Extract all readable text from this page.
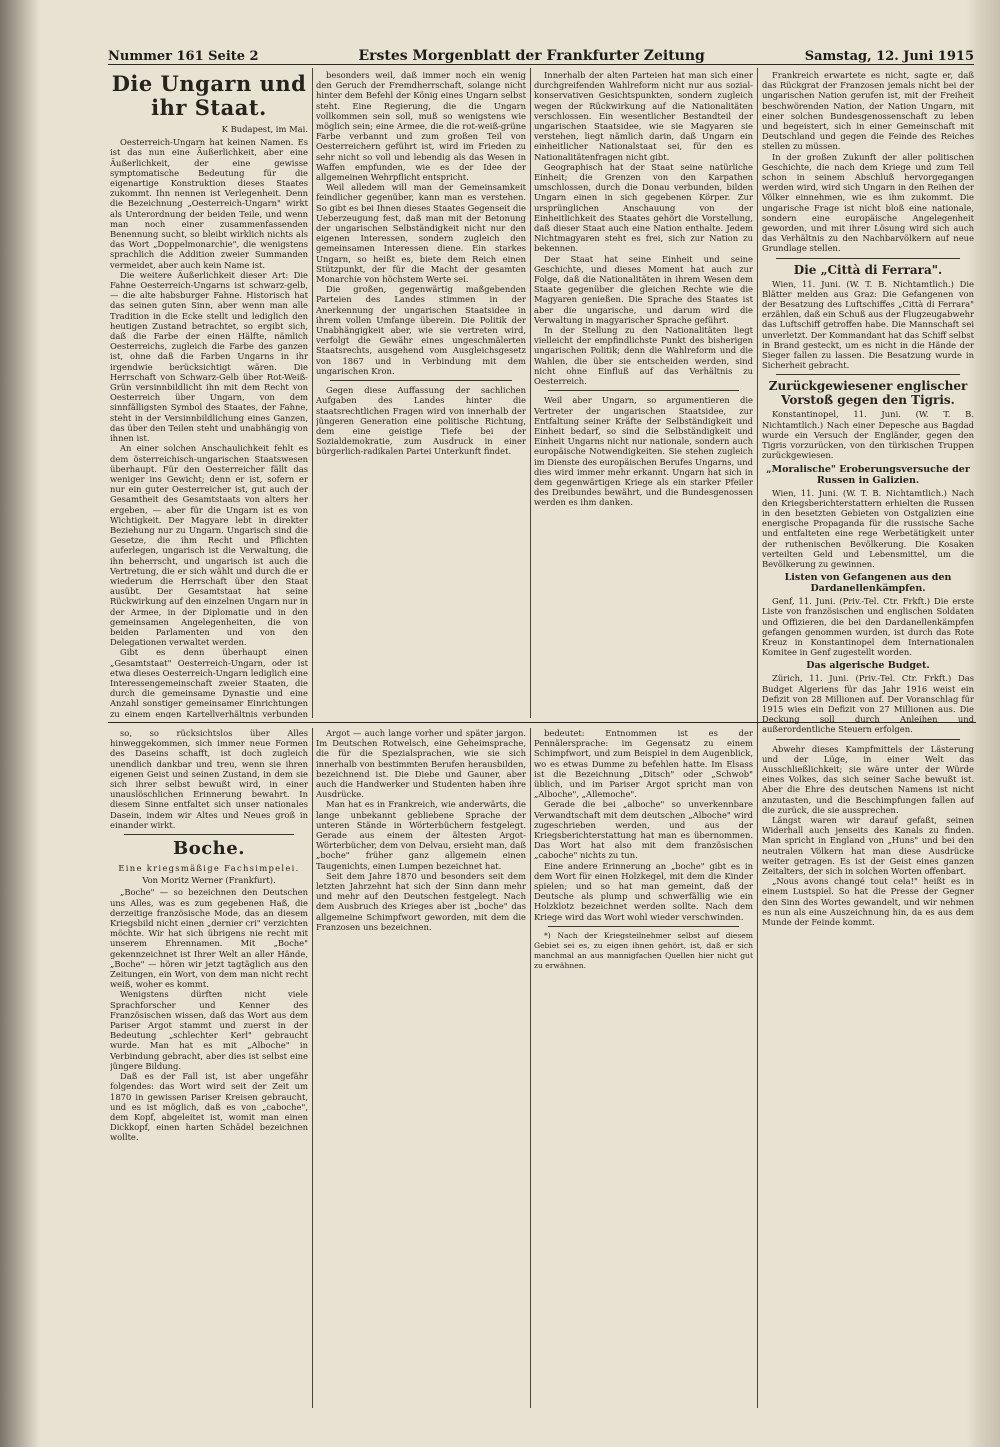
Nummer 161 Seite 2	Erstes Morgenblatt der Frankfurter Zeitung	Samstag, 12. Juni 1915
Die Ungarn und ihr Staat.
K Budapest, im Mai.

Oesterreich-Ungarn hat keinen Namen. Es ist das nun eine Äußerlichkeit, aber eine Äußerlichkeit, der eine gewisse symptomatische Bedeutung für die eigenartige Konstruktion dieses Staates zukommt. Ihn nennen ist Verlegenheit. Denn die Bezeichnung „Oesterreich-Ungarn" wirkt als Unterordnung der beiden Teile, und wenn man noch einer zusammenfassenden Benennung sucht, so bleibt wirklich nichts als das Wort „Doppelmonarchie", die wenigstens sprachlich die Addition zweier Summanden vermeidet, aber auch kein Name ist.

Die weitere Äußerlichkeit dieser Art: Die Fahne Oesterreich-Ungarns ist schwarz-gelb, — die alte habsburger Fahne. Historisch hat das seinen guten Sinn, aber wenn man alle Tradition in die Ecke stellt und lediglich den heutigen Zustand betrachtet, so ergibt sich, daß die Farbe der einen Hälfte, nämlich Oesterreichs, zugleich die Farbe des ganzen ist, ohne daß die Farben Ungarns in ihr irgendwie berücksichtigt wären. Die Herrschaft von Schwarz-Gelb über Rot-Weiß-Grün versinnbildlicht ihn mit dem Recht von Oesterreich über Ungarn, von dem sinnfälligsten Symbol des Staates, der Fahne, steht in der Versinnbildlichung eines Ganzen, das über den Teilen steht und unabhängig von ihnen ist.

An einer solchen Anschaulichkeit fehlt es dem österreichisch-ungarischen Staatswesen überhaupt. Für den Oesterreicher fällt das weniger ins Gewicht; denn er ist, sofern er nur ein guter Oesterreicher ist, gut auch der Gesamtheit des Gesamtstaats von alters her ergeben, — aber für die Ungarn ist es von Wichtigkeit. Der Magyare lebt in direkter Beziehung nur zu Ungarn. Ungarisch sind die Gesetze, die ihm Recht und Pflichten auferlegen, ungarisch ist die Verwaltung, die ihn beherrscht, und ungarisch ist auch die Vertretung, die er sich wählt und durch die er wiederum die Herrschaft über den Staat ausübt. Der Gesamtstaat hat seine Rückwirkung auf den einzelnen Ungarn nur in der Armee, in der Diplomatie und in den gemeinsamen Angelegenheiten, die von beiden Parlamenten und von den Delegationen verwaltet werden.

Gibt es denn überhaupt einen „Gesamtstaat" Oesterreich-Ungarn, oder ist etwa dieses Oesterreich-Ungarn lediglich eine Interessengemeinschaft zweier Staaten, die durch die gemeinsame Dynastie und eine Anzahl sonstiger gemeinsamer Einrichtungen zu einem engen Kartellverhältnis verbunden

besonders weil, daß immer noch ein wenig den Geruch der Fremdherrschaft, solange nicht hinter dem Befehl der König eines Ungarn selbst steht. Eine Regierung, die die Ungarn vollkommen sein soll, muß so wenigstens wie möglich sein; eine Armee, die die rot-weiß-grüne Farbe verbannt und zum großen Teil von Oesterreichern geführt ist, wird im Frieden zu sehr nicht so voll und lebendig als das Wesen in Waffen empfunden, wie es der Idee der allgemeinen Wehrpflicht entspricht.

Weil alledem will man der Gemeinsamkeit feindlicher gegenüber, kann man es verstehen. So gibt es bei Ihnen dieses Staates Gegenseit die Ueberzeugung fest, daß man mit der Betonung der ungarischen Selbständigkeit nicht nur den eigenen Interessen, sondern zugleich den gemeinsamen Interessen diene. Ein starkes Ungarn, so heißt es, biete dem Reich einen Stützpunkt, der für die Macht der gesamten Monarchie von höchstem Werte sei.

Die großen, gegenwärtig maßgebenden Parteien des Landes stimmen in der Anerkennung der ungarischen Staatsidee in ihrem vollen Umfange überein. Die Politik der Unabhängigkeit aber, wie sie vertreten wird, verfolgt die Gewähr eines ungeschmälerten Staatsrechts, ausgehend vom Ausgleichsgesetz von 1867 und in Verbindung mit dem ungarischen Kron.

Gegen diese Auffassung der sachlichen Aufgaben des Landes hinter die staatsrechtlichen Fragen wird von innerhalb der jüngeren Generation eine politische Richtung, dem eine geistige Tiefe bei der Sozialdemokratie, zum Ausdruck in einer bürgerlich-radikalen Partei Unterkunft findet.

Innerhalb der alten Parteien hat man sich einer durchgreifenden Wahlreform nicht nur aus sozial-konservativen Gesichtspunkten, sondern zugleich wegen der Rückwirkung auf die Nationalitäten verschlossen. Ein wesentlicher Bestandteil der ungarischen Staatsidee, wie sie Magyaren sie verstehen, liegt nämlich darin, daß Ungarn ein einheitlicher Nationalstaat sei, für den es Nationalitätenfragen nicht gibt.

Geographisch hat der Staat seine natürliche Einheit; die Grenzen von den Karpathen umschlossen, durch die Donau verbunden, bilden Ungarn einen in sich gegebenen Körper. Zur ursprünglichen Anschauung von der Einheitlichkeit des Staates gehört die Vorstellung, daß dieser Staat auch eine Nation enthalte. Jedem Nichtmagyaren steht es frei, sich zur Nation zu bekennen.

Der Staat hat seine Einheit und seine Geschichte, und dieses Moment hat auch zur Folge, daß die Nationalitäten in ihrem Wesen dem Staate gegenüber die gleichen Rechte wie die Magyaren genießen. Die Sprache des Staates ist aber die ungarische, und darum wird die Verwaltung in magyarischer Sprache geführt.

In der Stellung zu den Nationalitäten liegt vielleicht der empfindlichste Punkt des bisherigen ungarischen Politik; denn die Wahlreform und die Wahlen, die über sie entscheiden werden, sind nicht ohne Einfluß auf das Verhältnis zu Oesterreich.

Weil aber Ungarn, so argumentieren die Vertreter der ungarischen Staatsidee, zur Entfaltung seiner Kräfte der Selbständigkeit und Einheit bedarf, so sind die Selbständigkeit und Einheit Ungarns nicht nur nationale, sondern auch europäische Notwendigkeiten. Sie stehen zugleich im Dienste des europäischen Berufes Ungarns, und dies wird immer mehr erkannt. Ungarn hat sich in dem gegenwärtigen Kriege als ein starker Pfeiler des Dreibundes bewährt, und die Bundesgenossen werden es ihm danken.

Frankreich erwartete es nicht, sagte er, daß das Rückgrat der Franzosen jemals nicht bei der ungarischen Nation gerufen ist, mit der Freiheit beschwörenden Nation, der Nation Ungarn, mit einer solchen Bundesgenossenschaft zu leben und begeistert, sich in einer Gemeinschaft mit Deutschland und gegen die Feinde des Reiches stellen zu müssen.

In der großen Zukunft der aller politischen Geschichte, die nach dem Kriege und zum Teil schon in seinem Abschluß hervorgegangen werden wird, wird sich Ungarn in den Reihen der Völker einnehmen, wie es ihm zukommt. Die ungarische Frage ist nicht bloß eine nationale, sondern eine europäische Angelegenheit geworden, und mit ihrer Lösung wird sich auch das Verhältnis zu den Nachbarvölkern auf neue Grundlage stellen.

Die „Città di Ferrara".

Wien, 11. Juni. (W. T. B. Nichtamtlich.) Die Blätter melden aus Graz: Die Gefangenen von der Besatzung des Luftschiffes „Città di Ferrara" erzählen, daß ein Schuß aus der Flugzeugabwehr das Luftschiff getroffen habe. Die Mannschaft sei unverletzt. Der Kommandant hat das Schiff selbst in Brand gesteckt, um es nicht in die Hände der Sieger fallen zu lassen. Die Besatzung wurde in Sicherheit gebracht.

Zurückgewiesener englischer Vorstoß gegen den Tigris.

Konstantinopel, 11. Juni. (W. T. B. Nichtamtlich.) Nach einer Depesche aus Bagdad wurde ein Versuch der Engländer, gegen den Tigris vorzurücken, von den türkischen Truppen zurückgewiesen.

„Moralische" Eroberungsversuche der Russen in Galizien.

Wien, 11. Juni. (W. T. B. Nichtamtlich.) Nach den Kriegsberichterstattern erhielten die Russen in den besetzten Gebieten von Ostgalizien eine energische Propaganda für die russische Sache und entfalteten eine rege Werbetätigkeit unter der ruthenischen Bevölkerung. Die Kosaken verteilten Geld und Lebensmittel, um die Bevölkerung zu gewinnen.

Listen von Gefangenen aus den Dardanellenkämpfen.

Genf, 11. Juni. (Priv.-Tel. Ctr. Frkft.) Die erste Liste von französischen und englischen Soldaten und Offizieren, die bei den Dardanellenkämpfen gefangen genommen wurden, ist durch das Rote Kreuz in Konstantinopel dem Internationalen Komitee in Genf zugestellt worden.

Das algerische Budget.

Zürich, 11. Juni. (Priv.-Tel. Ctr. Frkft.) Das Budget Algeriens für das Jahr 1916 weist ein Defizit von 28 Millionen auf. Der Voranschlag für 1915 wies ein Defizit von 27 Millionen aus. Die Deckung soll durch Anleihen und außerordentliche Steuern erfolgen.

Abwehr dieses Kampfmittels der Lästerung und der Lüge, in einer Welt das Ausschließlichkeit; sie wäre unter der Würde eines Volkes, das sich seiner Sache bewußt ist. Aber die Ehre des deutschen Namens ist nicht anzutasten, und die Beschimpfungen fallen auf die zurück, die sie aussprechen.

Längst waren wir darauf gefaßt, seinen Widerhall auch jenseits des Kanals zu finden. Man spricht in England von „Huns" und bei den neutralen Völkern hat man diese Ausdrücke weiter getragen. Es ist der Geist eines ganzen Zeitalters, der sich in solchen Worten offenbart.

„Nous avons changé tout cela!" heißt es in einem Lustspiel. So hat die Presse der Gegner den Sinn des Wortes gewandelt, und wir nehmen es nun als eine Auszeichnung hin, da es aus dem Munde der Feinde kommt.

so, so rücksichtslos über Alles hinweggekommen, sich immer neue Formen des Daseins schafft, ist doch zugleich unendlich dankbar und treu, wenn sie ihren eigenen Geist und seinen Zustand, in dem sie sich ihrer selbst bewußt wird, in einer unauslöschlichen Erinnerung bewahrt. In diesem Sinne entfaltet sich unser nationales Dasein, indem wir Altes und Neues groß in einander wirkt.

Boche.
Eine kriegsmäßige Fachsimpelei.
Von Moritz Werner (Frankfurt).

„Boche" — so bezeichnen den Deutschen uns Alles, was es zum gegebenen Haß, die derzeitige französische Mode, das an diesem Kriegsbild nicht einen „dernier cri" verzichten möchte. Wir hat sich übrigens nie recht mit unserem Ehrennamen. Mit „Boche" gekennzeichnet ist Ihrer Welt an aller Hände, „Boche" — hören wir jetzt tagtäglich aus den Zeitungen, ein Wort, von dem man nicht recht weiß, woher es kommt.

Wenigstens dürften nicht viele Sprachforscher und Kenner des Französischen wissen, daß das Wort aus dem Pariser Argot stammt und zuerst in der Bedeutung „schlechter Kerl" gebraucht wurde. Man hat es mit „Alboche" in Verbindung gebracht, aber dies ist selbst eine jüngere Bildung.

Daß es der Fall ist, ist aber ungefähr folgendes: das Wort wird seit der Zeit um 1870 in gewissen Pariser Kreisen gebraucht, und es ist möglich, daß es von „caboche", dem Kopf, abgeleitet ist, womit man einen Dickkopf, einen harten Schädel bezeichnen wollte.

Argot — auch lange vorher und später jargon. Im Deutschen Rotwelsch, eine Geheimsprache, die für die Spezialsprachen, wie sie sich innerhalb von bestimmten Berufen herausbilden, bezeichnend ist. Die Diebe und Gauner, aber auch die Handwerker und Studenten haben ihre Ausdrücke.

Man hat es in Frankreich, wie anderwärts, die lange unbekannt gebliebene Sprache der unteren Stände in Wörterbüchern festgelegt. Gerade aus einem der ältesten Argot-Wörterbücher, dem von Delvau, ersieht man, daß „boche" früher ganz allgemein einen Taugenichts, einen Lumpen bezeichnet hat.

Seit dem Jahre 1870 und besonders seit dem letzten Jahrzehnt hat sich der Sinn dann mehr und mehr auf den Deutschen festgelegt. Nach dem Ausbruch des Krieges aber ist „boche" das allgemeine Schimpfwort geworden, mit dem die Franzosen uns bezeichnen.

bedeutet: Entnommen ist es der Pennälersprache: im Gegensatz zu einem Schimpfwort, und zum Beispiel in dem Augenblick, wo es etwas Dumme zu befehlen hatte. Im Elsass ist die Bezeichnung „Ditsch" oder „Schwob" üblich, und im Pariser Argot spricht man von „Alboche", „Allemoche".

Gerade die bei „alboche" so unverkennbare Verwandtschaft mit dem deutschen „Alboche" wird zugeschrieben werden, und aus der Kriegsberichterstattung hat man es übernommen. Das Wort hat also mit dem französischen „caboche" nichts zu tun.

Eine andere Erinnerung an „boche" gibt es in dem Wort für einen Holzkegel, mit dem die Kinder spielen; und so hat man gemeint, daß der Deutsche als plump und schwerfällig wie ein Holzklotz bezeichnet werden sollte. Nach dem Kriege wird das Wort wohl wieder verschwinden.

*) Nach der Kriegsteilnehmer selbst auf diesem Gebiet sei es, zu eigen ihnen gehört, ist, daß er sich manchmal an aus mannigfachen Quellen hier nicht gut zu erwähnen.
